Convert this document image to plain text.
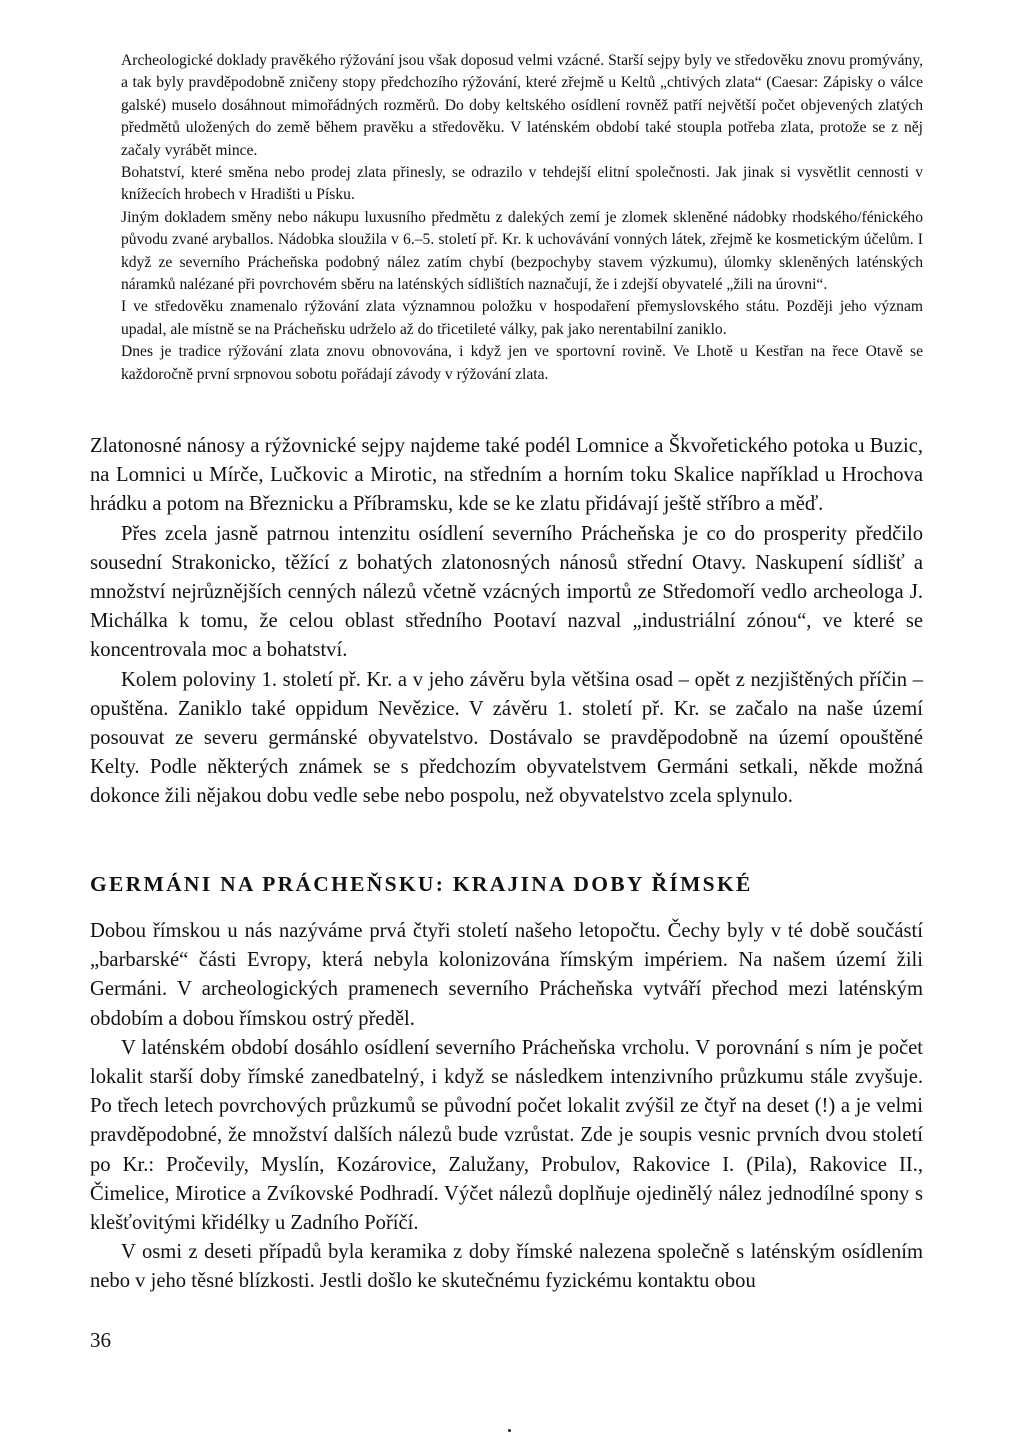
Archeologické doklady pravěkého rýžování jsou však doposud velmi vzácné. Starší sejpy byly ve středověku znovu promývány, a tak byly pravděpodobně zničeny stopy předchozího rýžování, které zřejmě u Keltů „chtivých zlata“ (Caesar: Zápisky o válce galské) muselo dosáhnout mimořádných rozměrů. Do doby keltského osídlení rovněž patří největší počet objevených zlatých předmětů uložených do země během pravěku a středověku. V laténském období také stoupla potřeba zlata, protože se z něj začaly vyrábět mince.

Bohatství, které směna nebo prodej zlata přinesly, se odrazilo v tehdejší elitní společnosti. Jak jinak si vysvětlit cennosti v knížecích hrobech v Hradišti u Písku.

Jiným dokladem směny nebo nákupu luxusního předmětu z dalekých zemí je zlomek skleněné nádobky rhodského/fénického původu zvané aryballos. Nádobka sloužila v 6.–5. století př. Kr. k uchovávání vonných látek, zřejmě ke kosmetickým účelům. I když ze severního Prácheňska podobný nález zatím chybí (bezpochyby stavem výzkumu), úlomky skleněných laténských náramků nalézané při povrchovém sběru na laténských sídlištích naznačují, že i zdejší obyvatelé „žili na úrovni“.

I ve středověku znamenalo rýžování zlata významnou položku v hospodaření přemyslovského státu. Později jeho význam upadal, ale místně se na Prácheňsku udrželo až do třicetileté války, pak jako nerentabilní zaniklo.

Dnes je tradice rýžování zlata znovu obnovována, i když jen ve sportovní rovině. Ve Lhotě u Kestřan na řece Otavě se každoročně první srpnovou sobotu pořádají závody v rýžování zlata.

Zlatonosné nánosy a rýžovnické sejpy najdeme také podél Lomnice a Škvořetického potoka u Buzic, na Lomnici u Mírče, Lučkovic a Mirotic, na středním a horním toku Skalice například u Hrochova hrádku a potom na Březnicku a Příbramsku, kde se ke zlatu přidávají ještě stříbro a měď.

Přes zcela jasně patrnou intenzitu osídlení severního Prácheňska je co do prosperity předčilo sousední Strakonicko, těžící z bohatých zlatonosných nánosů střední Otavy. Naskupení sídlišť a množství nejrůznějších cenných nálezů včetně vzácných importů ze Středomoří vedlo archeologa J. Michálka k tomu, že celou oblast středního Pootaví nazval „industriální zónou“, ve které se koncentrovala moc a bohatství.

Kolem poloviny 1. století př. Kr. a v jeho závěru byla většina osad – opět z nezjištěných příčin – opuštěna. Zaniklo také oppidum Nevězice. V závěru 1. století př. Kr. se začalo na naše území posouvat ze severu germánské obyvatelstvo. Dostávalo se pravděpodobně na území opouštěné Kelty. Podle některých známek se s předchozím obyvatelstvem Germáni setkali, někde možná dokonce žili nějakou dobu vedle sebe nebo pospolu, než obyvatelstvo zcela splynulo.

GERMÁNI NA PRÁCHEŇSKU: KRAJINA DOBY ŘÍMSKÉ

Dobou římskou u nás nazýváme prvá čtyři století našeho letopočtu. Čechy byly v té době součástí „barbarské“ části Evropy, která nebyla kolonizována římským impériem. Na našem území žili Germáni. V archeologických pramenech severního Prácheňska vytváří přechod mezi laténským obdobím a dobou římskou ostrý předěl.

V laténském období dosáhlo osídlení severního Prácheňska vrcholu. V porovnání s ním je počet lokalit starší doby římské zanedbatelný, i když se následkem intenzivního průzkumu stále zvyšuje. Po třech letech povrchových průzkumů se původní počet lokalit zvýšil ze čtyř na deset (!) a je velmi pravděpodobné, že množství dalších nálezů bude vzrůstat. Zde je soupis vesnic prvních dvou století po Kr.: Pročevily, Myslín, Kozárovice, Zalužany, Probulov, Rakovice I. (Pila), Rakovice II., Čimelice, Mirotice a Zvíkovské Podhradí. Výčet nálezů doplňuje ojedinělý nález jednodílné spony s klešťovitými křidélky u Zadního Poříčí.

V osmi z deseti případů byla keramika z doby římské nalezena společně s laténským osídlením nebo v jeho těsné blízkosti. Jestli došlo ke skutečnému fyzickému kontaktu obou

36
